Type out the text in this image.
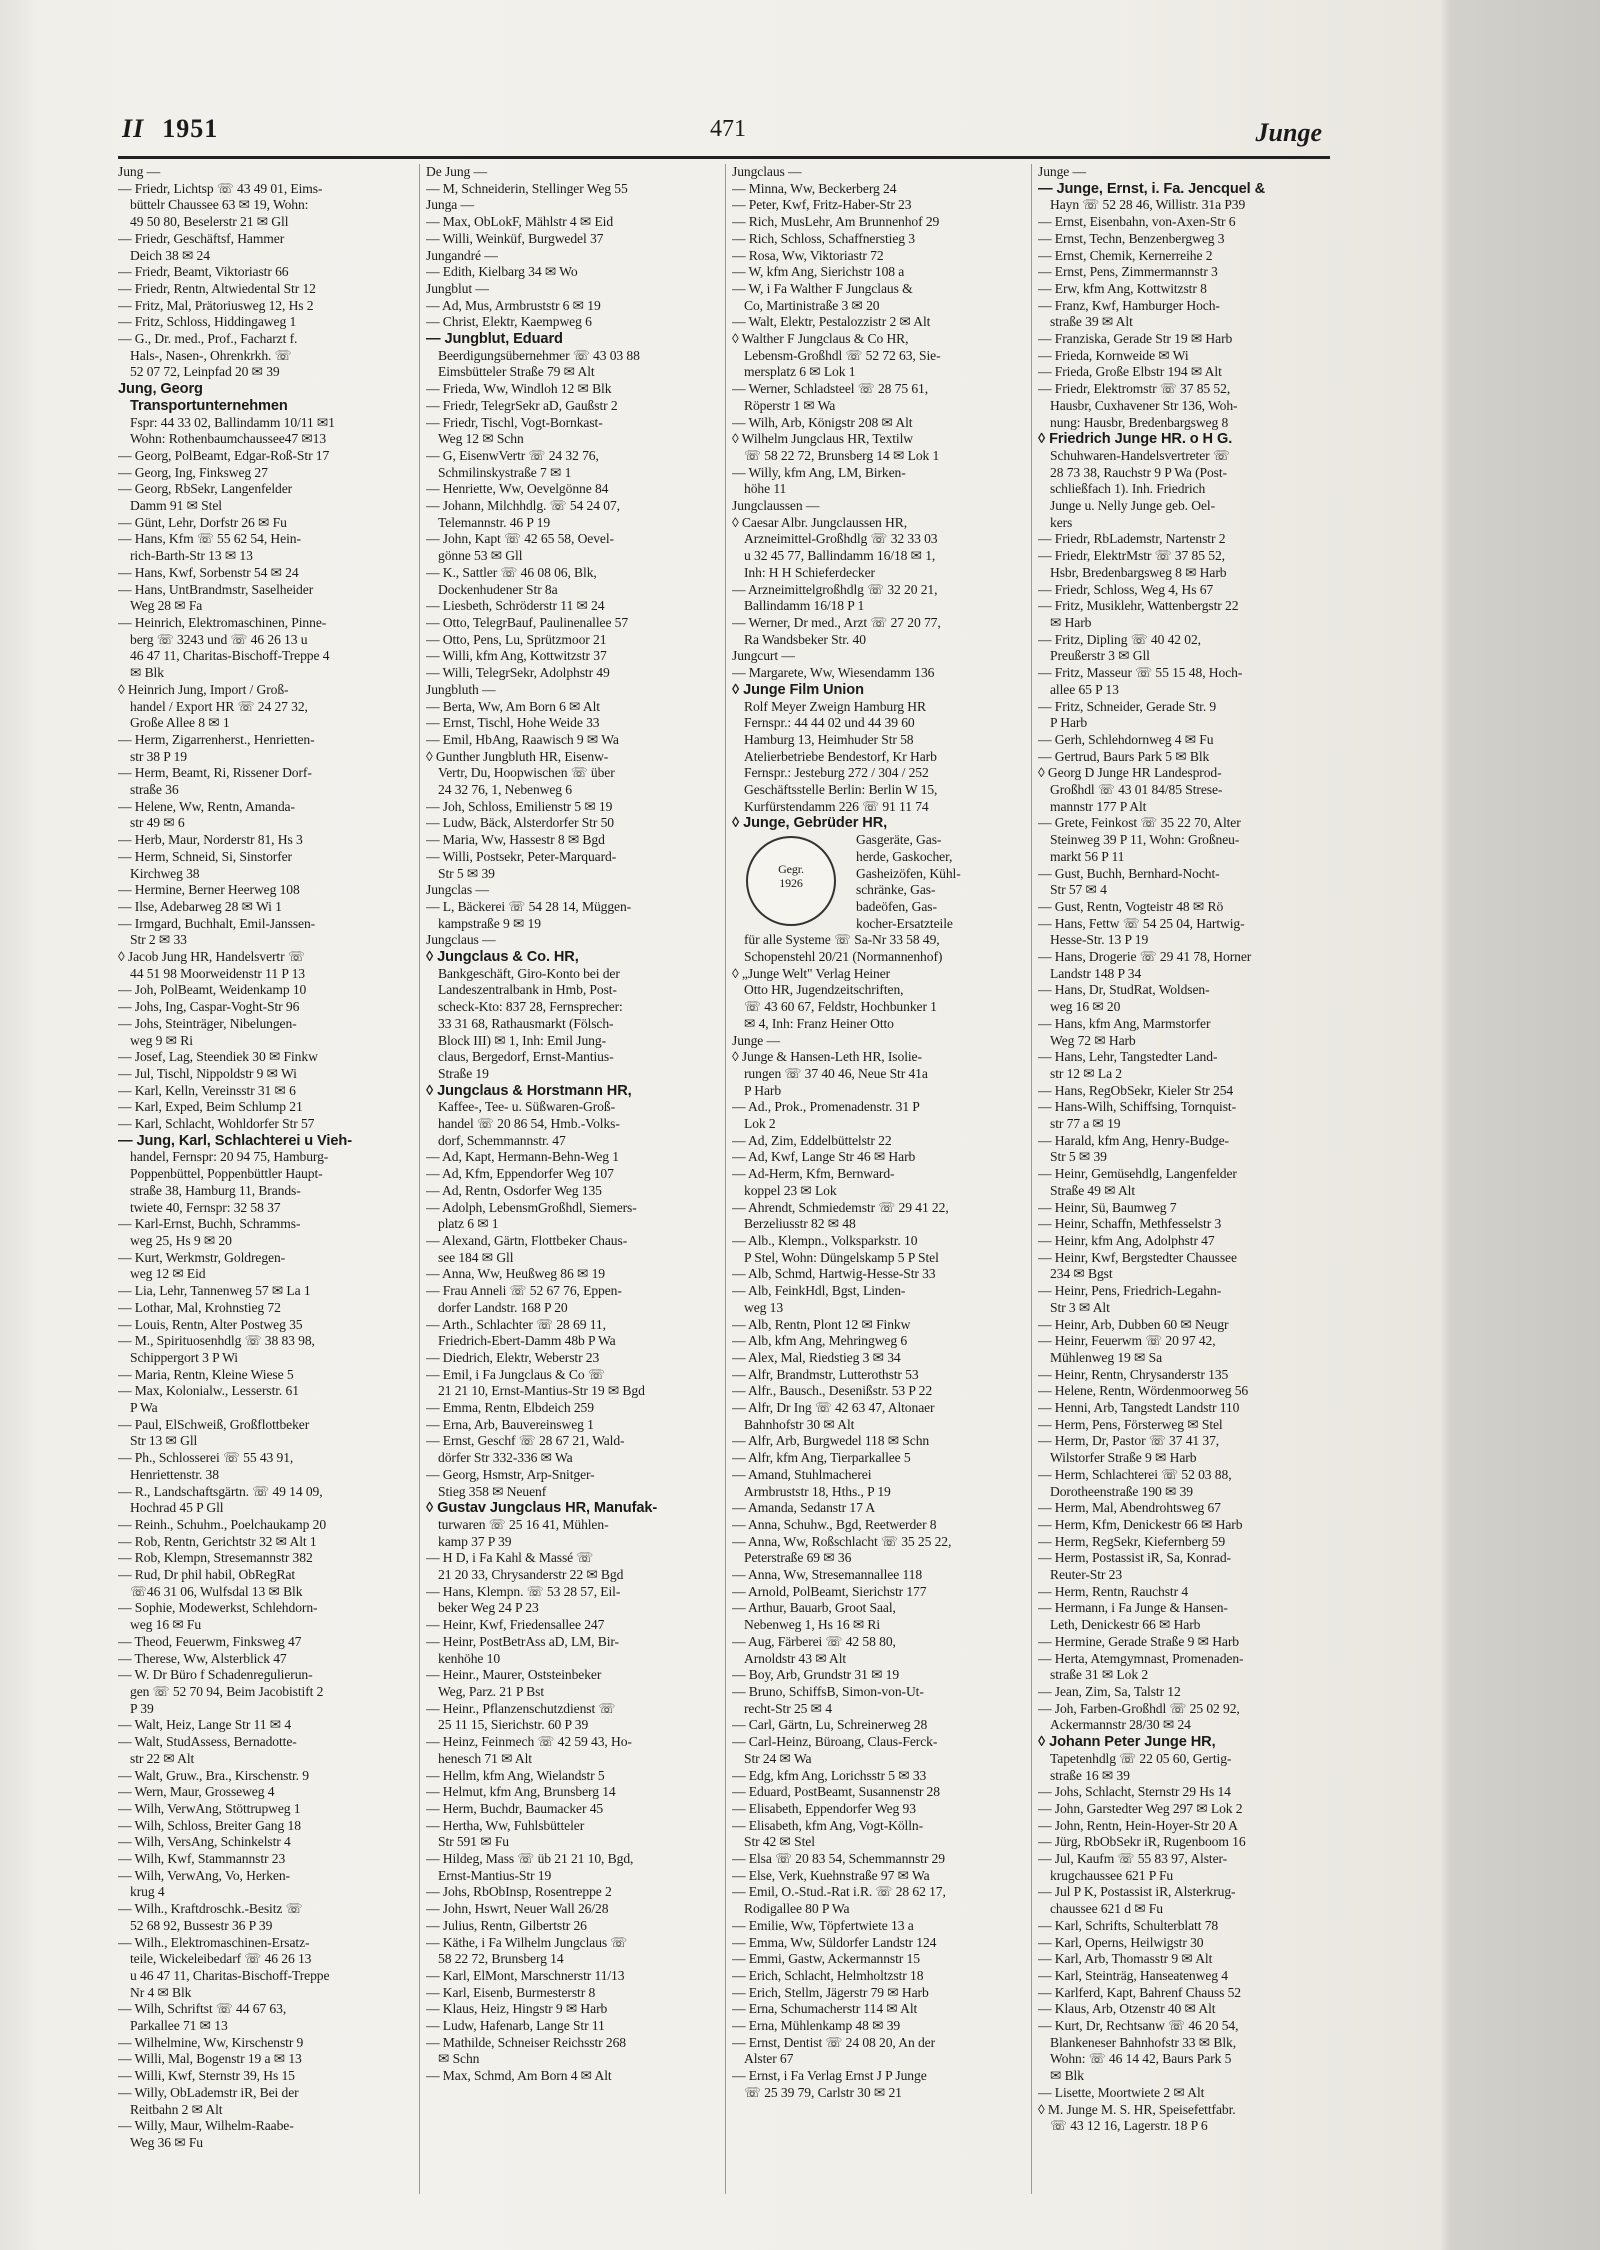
II 1951	471	Junge
Jung —
— Friedr, Lichtsp ☏ 43 49 01, Eims-
büttelr Chaussee 63 ✉ 19, Wohn:
49 50 80, Beselerstr 21 ✉ Gll
— Friedr, Geschäftsf, Hammer
Deich 38 ✉ 24
— Friedr, Beamt, Viktoriastr 66
— Friedr, Rentn, Altwiedental Str 12
— Fritz, Mal, Prätoriusweg 12, Hs 2
— Fritz, Schloss, Hiddingaweg 1
— G., Dr. med., Prof., Facharzt f.
Hals-, Nasen-, Ohrenkrkh. ☏
52 07 72, Leinpfad 20 ✉ 39
Jung, Georg
Transportunternehmen
Fspr: 44 33 02, Ballindamm 10/11 ✉1
Wohn: Rothenbaumchaussee47 ✉13
— Georg, PolBeamt, Edgar-Roß-Str 17
— Georg, Ing, Finksweg 27
— Georg, RbSekr, Langenfelder
Damm 91 ✉ Stel
— Günt, Lehr, Dorfstr 26 ✉ Fu
— Hans, Kfm ☏ 55 62 54, Hein-
rich-Barth-Str 13 ✉ 13
— Hans, Kwf, Sorbenstr 54 ✉ 24
— Hans, UntBrandmstr, Saselheider
Weg 28 ✉ Fa
— Heinrich, Elektromaschinen, Pinne-
berg ☏ 3243 und ☏ 46 26 13 u
46 47 11, Charitas-Bischoff-Treppe 4
✉ Blk
◊ Heinrich Jung, Import / Groß-
handel / Export HR ☏ 24 27 32,
Große Allee 8 ✉ 1
— Herm, Zigarrenherst., Henrietten-
str 38 P 19
— Herm, Beamt, Ri, Rissener Dorf-
straße 36
— Helene, Ww, Rentn, Amanda-
str 49 ✉ 6
— Herb, Maur, Norderstr 81, Hs 3
— Herm, Schneid, Si, Sinstorfer
Kirchweg 38
— Hermine, Berner Heerweg 108
— Ilse, Adebarweg 28 ✉ Wi 1
— Irmgard, Buchhalt, Emil-Janssen-
Str 2 ✉ 33
◊ Jacob Jung HR, Handelsvertr ☏
44 51 98 Moorweidenstr 11 P 13
— Joh, PolBeamt, Weidenkamp 10
— Johs, Ing, Caspar-Voght-Str 96
— Johs, Steinträger, Nibelungen-
weg 9 ✉ Ri
— Josef, Lag, Steendiek 30 ✉ Finkw
— Jul, Tischl, Nippoldstr 9 ✉ Wi
— Karl, Kelln, Vereinsstr 31 ✉ 6
— Karl, Exped, Beim Schlump 21
— Karl, Schlacht, Wohldorfer Str 57
— Jung, Karl, Schlachterei u Vieh-
handel, Fernspr: 20 94 75, Hamburg-
Poppenbüttel, Poppenbüttler Haupt-
straße 38, Hamburg 11, Brands-
twiete 40, Fernspr: 32 58 37
— Karl-Ernst, Buchh, Schramms-
weg 25, Hs 9 ✉ 20
— Kurt, Werkmstr, Goldregen-
weg 12 ✉ Eid
— Lia, Lehr, Tannenweg 57 ✉ La 1
— Lothar, Mal, Krohnstieg 72
— Louis, Rentn, Alter Postweg 35
— M., Spirituosenhdlg ☏ 38 83 98,
Schippergort 3 P Wi
— Maria, Rentn, Kleine Wiese 5
— Max, Kolonialw., Lesserstr. 61
P Wa
— Paul, ElSchweiß, Großflottbeker
Str 13 ✉ Gll
— Ph., Schlosserei ☏ 55 43 91,
Henriettenstr. 38
— R., Landschaftsgärtn. ☏ 49 14 09,
Hochrad 45 P Gll
— Reinh., Schuhm., Poelchaukamp 20
— Rob, Rentn, Gerichtstr 32 ✉ Alt 1
— Rob, Klempn, Stresemannstr 382
— Rud, Dr phil habil, ObRegRat
☏46 31 06, Wulfsdal 13 ✉ Blk
— Sophie, Modewerkst, Schlehdorn-
weg 16 ✉ Fu
— Theod, Feuerwm, Finksweg 47
— Therese, Ww, Alsterblick 47
— W. Dr Büro f Schadenregulierun-
gen ☏ 52 70 94, Beim Jacobistift 2
P 39
— Walt, Heiz, Lange Str 11 ✉ 4
— Walt, StudAssess, Bernadotte-
str 22 ✉ Alt
— Walt, Gruw., Bra., Kirschenstr. 9
— Wern, Maur, Grosseweg 4
— Wilh, VerwAng, Stöttrupweg 1
— Wilh, Schloss, Breiter Gang 18
— Wilh, VersAng, Schinkelstr 4
— Wilh, Kwf, Stammannstr 23
— Wilh, VerwAng, Vo, Herken-
krug 4
— Wilh., Kraftdroschk.-Besitz ☏
52 68 92, Bussestr 36 P 39
— Wilh., Elektromaschinen-Ersatz-
teile, Wickeleibedarf ☏ 46 26 13
u 46 47 11, Charitas-Bischoff-Treppe
Nr 4 ✉ Blk
— Wilh, Schriftst ☏ 44 67 63,
Parkallee 71 ✉ 13
— Wilhelmine, Ww, Kirschenstr 9
— Willi, Mal, Bogenstr 19 a ✉ 13
— Willi, Kwf, Sternstr 39, Hs 15
— Willy, ObLademstr iR, Bei der
Reitbahn 2 ✉ Alt
— Willy, Maur, Wilhelm-Raabe-
Weg 36 ✉ Fu
De Jung —
— M, Schneiderin, Stellinger Weg 55
Junga —
— Max, ObLokF, Mählstr 4 ✉ Eid
— Willi, Weinküf, Burgwedel 37
Jungandré —
— Edith, Kielbarg 34 ✉ Wo
Jungblut —
— Ad, Mus, Armbruststr 6 ✉ 19
— Christ, Elektr, Kaempweg 6
— Jungblut, Eduard
Beerdigungsübernehmer ☏ 43 03 88
Eimsbütteler Straße 79 ✉ Alt
— Frieda, Ww, Windloh 12 ✉ Blk
— Friedr, TelegrSekr aD, Gaußstr 2
— Friedr, Tischl, Vogt-Bornkast-
Weg 12 ✉ Schn
— G, EisenwVertr ☏ 24 32 76,
Schmilinskystraße 7 ✉ 1
— Henriette, Ww, Oevelgönne 84
— Johann, Milchhdlg. ☏ 54 24 07,
Telemannstr. 46 P 19
— John, Kapt ☏ 42 65 58, Oevel-
gönne 53 ✉ Gll
— K., Sattler ☏ 46 08 06, Blk,
Dockenhudener Str 8a
— Liesbeth, Schröderstr 11 ✉ 24
— Otto, TelegrBauf, Paulinenallee 57
— Otto, Pens, Lu, Sprützmoor 21
— Willi, kfm Ang, Kottwitzstr 37
— Willi, TelegrSekr, Adolphstr 49
Jungbluth —
— Berta, Ww, Am Born 6 ✉ Alt
— Ernst, Tischl, Hohe Weide 33
— Emil, HbAng, Raawisch 9 ✉ Wa
◊ Gunther Jungbluth HR, Eisenw-
Vertr, Du, Hoopwischen ☏ über
24 32 76, 1, Nebenweg 6
— Joh, Schloss, Emilienstr 5 ✉ 19
— Ludw, Bäck, Alsterdorfer Str 50
— Maria, Ww, Hassestr 8 ✉ Bgd
— Willi, Postsekr, Peter-Marquard-
Str 5 ✉ 39
Jungclas —
— L, Bäckerei ☏ 54 28 14, Müggen-
kampstraße 9 ✉ 19
Jungclaus —
◊ Jungclaus & Co. HR,
Bankgeschäft, Giro-Konto bei der
Landeszentralbank in Hmb, Post-
scheck-Kto: 837 28, Fernsprecher:
33 31 68, Rathausmarkt (Fölsch-
Block III) ✉ 1, Inh: Emil Jung-
claus, Bergedorf, Ernst-Mantius-
Straße 19
◊ Jungclaus & Horstmann HR,
Kaffee-, Tee- u. Süßwaren-Groß-
handel ☏ 20 86 54, Hmb.-Volks-
dorf, Schemmannstr. 47
— Ad, Kapt, Hermann-Behn-Weg 1
— Ad, Kfm, Eppendorfer Weg 107
— Ad, Rentn, Osdorfer Weg 135
— Adolph, LebensmGroßhdl, Siemers-
platz 6 ✉ 1
— Alexand, Gärtn, Flottbeker Chaus-
see 184 ✉ Gll
— Anna, Ww, Heußweg 86 ✉ 19
— Frau Anneli ☏ 52 67 76, Eppen-
dorfer Landstr. 168 P 20
— Arth., Schlachter ☏ 28 69 11,
Friedrich-Ebert-Damm 48b P Wa
— Diedrich, Elektr, Weberstr 23
— Emil, i Fa Jungclaus & Co ☏
21 21 10, Ernst-Mantius-Str 19 ✉ Bgd
— Emma, Rentn, Elbdeich 259
— Erna, Arb, Bauvereinsweg 1
— Ernst, Geschf ☏ 28 67 21, Wald-
dörfer Str 332-336 ✉ Wa
— Georg, Hsmstr, Arp-Snitger-
Stieg 358 ✉ Neuenf
◊ Gustav Jungclaus HR, Manufak-
turwaren ☏ 25 16 41, Mühlen-
kamp 37 P 39
— H D, i Fa Kahl & Massé ☏
21 20 33, Chrysanderstr 22 ✉ Bgd
— Hans, Klempn. ☏ 53 28 57, Eil-
beker Weg 24 P 23
— Heinr, Kwf, Friedensallee 247
— Heinr, PostBetrAss aD, LM, Bir-
kenhöhe 10
— Heinr., Maurer, Oststeinbeker
Weg, Parz. 21 P Bst
— Heinr., Pflanzenschutzdienst ☏
25 11 15, Sierichstr. 60 P 39
— Heinz, Feinmech ☏ 42 59 43, Ho-
henesch 71 ✉ Alt
— Hellm, kfm Ang, Wielandstr 5
— Helmut, kfm Ang, Brunsberg 14
— Herm, Buchdr, Baumacker 45
— Hertha, Ww, Fuhlsbütteler
Str 591 ✉ Fu
— Hildeg, Mass ☏ üb 21 21 10, Bgd,
Ernst-Mantius-Str 19
— Johs, RbObInsp, Rosentreppe 2
— John, Hswrt, Neuer Wall 26/28
— Julius, Rentn, Gilbertstr 26
— Käthe, i Fa Wilhelm Jungclaus ☏
58 22 72, Brunsberg 14
— Karl, ElMont, Marschnerstr 11/13
— Karl, Eisenb, Burmesterstr 8
— Klaus, Heiz, Hingstr 9 ✉ Harb
— Ludw, Hafenarb, Lange Str 11
— Mathilde, Schneiser Reichsstr 268
✉ Schn
— Max, Schmd, Am Born 4 ✉ Alt
Jungclaus —
— Minna, Ww, Beckerberg 24
— Peter, Kwf, Fritz-Haber-Str 23
— Rich, MusLehr, Am Brunnenhof 29
— Rich, Schloss, Schaffnerstieg 3
— Rosa, Ww, Viktoriastr 72
— W, kfm Ang, Sierichstr 108 a
— W, i Fa Walther F Jungclaus &
Co, Martinistraße 3 ✉ 20
— Walt, Elektr, Pestalozzistr 2 ✉ Alt
◊ Walther F Jungclaus & Co HR,
Lebensm-Großhdl ☏ 52 72 63, Sie-
mersplatz 6 ✉ Lok 1
— Werner, Schladsteel ☏ 28 75 61,
Röperstr 1 ✉ Wa
— Wilh, Arb, Königstr 208 ✉ Alt
◊ Wilhelm Jungclaus HR, Textilw
☏ 58 22 72, Brunsberg 14 ✉ Lok 1
— Willy, kfm Ang, LM, Birken-
höhe 11
Jungclaussen —
◊ Caesar Albr. Jungclaussen HR,
Arzneimittel-Großhdlg ☏ 32 33 03
u 32 45 77, Ballindamm 16/18 ✉ 1,
Inh: H H Schieferdecker
— Arzneimittelgroßhdlg ☏ 32 20 21,
Ballindamm 16/18 P 1
— Werner, Dr med., Arzt ☏ 27 20 77,
Ra Wandsbeker Str. 40
Jungcurt —
— Margarete, Ww, Wiesendamm 136
◊ Junge Film Union
Rolf Meyer Zweign Hamburg HR
Fernspr.: 44 44 02 und 44 39 60
Hamburg 13, Heimhuder Str 58
Atelierbetriebe Bendestorf, Kr Harb
Fernspr.: Jesteburg 272 / 304 / 252
Geschäftsstelle Berlin: Berlin W 15,
Kurfürstendamm 226 ☏ 91 11 74
◊ Junge, Gebrüder HR,
Gegr.
1926
Gasgeräte, Gas-
herde, Gaskocher,
Gasheizöfen, Kühl-
schränke, Gas-
badeöfen, Gas-
kocher-Ersatzteile
für alle Systeme ☏ Sa-Nr 33 58 49,
Schopenstehl 20/21 (Normannenhof)
◊ „Junge Welt" Verlag Heiner
Otto HR, Jugendzeitschriften,
☏ 43 60 67, Feldstr, Hochbunker 1
✉ 4, Inh: Franz Heiner Otto
Junge —
◊ Junge & Hansen-Leth HR, Isolie-
rungen ☏ 37 40 46, Neue Str 41a
P Harb
— Ad., Prok., Promenadenstr. 31 P
Lok 2
— Ad, Zim, Eddelbüttelstr 22
— Ad, Kwf, Lange Str 46 ✉ Harb
— Ad-Herm, Kfm, Bernward-
koppel 23 ✉ Lok
— Ahrendt, Schmiedemstr ☏ 29 41 22,
Berzeliusstr 82 ✉ 48
— Alb., Klempn., Volksparkstr. 10
P Stel, Wohn: Düngelskamp 5 P Stel
— Alb, Schmd, Hartwig-Hesse-Str 33
— Alb, FeinkHdl, Bgst, Linden-
weg 13
— Alb, Rentn, Plont 12 ✉ Finkw
— Alb, kfm Ang, Mehringweg 6
— Alex, Mal, Riedstieg 3 ✉ 34
— Alfr, Brandmstr, Lutterothstr 53
— Alfr., Bausch., Desenißstr. 53 P 22
— Alfr, Dr Ing ☏ 42 63 47, Altonaer
Bahnhofstr 30 ✉ Alt
— Alfr, Arb, Burgwedel 118 ✉ Schn
— Alfr, kfm Ang, Tierparkallee 5
— Amand, Stuhlmacherei
Armbruststr 18, Hths., P 19
— Amanda, Sedanstr 17 A
— Anna, Schuhw., Bgd, Reetwerder 8
— Anna, Ww, Roßschlacht ☏ 35 25 22,
Peterstraße 69 ✉ 36
— Anna, Ww, Stresemannallee 118
— Arnold, PolBeamt, Sierichstr 177
— Arthur, Bauarb, Groot Saal,
Nebenweg 1, Hs 16 ✉ Ri
— Aug, Färberei ☏ 42 58 80,
Arnoldstr 43 ✉ Alt
— Boy, Arb, Grundstr 31 ✉ 19
— Bruno, SchiffsB, Simon-von-Ut-
recht-Str 25 ✉ 4
— Carl, Gärtn, Lu, Schreinerweg 28
— Carl-Heinz, Büroang, Claus-Ferck-
Str 24 ✉ Wa
— Edg, kfm Ang, Lorichsstr 5 ✉ 33
— Eduard, PostBeamt, Susannenstr 28
— Elisabeth, Eppendorfer Weg 93
— Elisabeth, kfm Ang, Vogt-Kölln-
Str 42 ✉ Stel
— Elsa ☏ 20 83 54, Schemmannstr 29
— Else, Verk, Kuehnstraße 97 ✉ Wa
— Emil, O.-Stud.-Rat i.R. ☏ 28 62 17,
Rodigallee 80 P Wa
— Emilie, Ww, Töpfertwiete 13 a
— Emma, Ww, Süldorfer Landstr 124
— Emmi, Gastw, Ackermannstr 15
— Erich, Schlacht, Helmholtzstr 18
— Erich, Stellm, Jägerstr 79 ✉ Harb
— Erna, Schumacherstr 114 ✉ Alt
— Erna, Mühlenkamp 48 ✉ 39
— Ernst, Dentist ☏ 24 08 20, An der
Alster 67
— Ernst, i Fa Verlag Ernst J P Junge
☏ 25 39 79, Carlstr 30 ✉ 21
Junge —
— Junge, Ernst, i. Fa. Jencquel &
Hayn ☏ 52 28 46, Willistr. 31a P39
— Ernst, Eisenbahn, von-Axen-Str 6
— Ernst, Techn, Benzenbergweg 3
— Ernst, Chemik, Kernerreihe 2
— Ernst, Pens, Zimmermannstr 3
— Erw, kfm Ang, Kottwitzstr 8
— Franz, Kwf, Hamburger Hoch-
straße 39 ✉ Alt
— Franziska, Gerade Str 19 ✉ Harb
— Frieda, Kornweide ✉ Wi
— Frieda, Große Elbstr 194 ✉ Alt
— Friedr, Elektromstr ☏ 37 85 52,
Hausbr, Cuxhavener Str 136, Woh-
nung: Hausbr, Bredenbargsweg 8
◊ Friedrich Junge HR. o H G.
Schuhwaren-Handelsvertreter ☏
28 73 38, Rauchstr 9 P Wa (Post-
schließfach 1). Inh. Friedrich
Junge u. Nelly Junge geb. Oel-
kers
— Friedr, RbLademstr, Nartenstr 2
— Friedr, ElektrMstr ☏ 37 85 52,
Hsbr, Bredenbargsweg 8 ✉ Harb
— Friedr, Schloss, Weg 4, Hs 67
— Fritz, Musiklehr, Wattenbergstr 22
✉ Harb
— Fritz, Dipling ☏ 40 42 02,
Preußerstr 3 ✉ Gll
— Fritz, Masseur ☏ 55 15 48, Hoch-
allee 65 P 13
— Fritz, Schneider, Gerade Str. 9
P Harb
— Gerh, Schlehdornweg 4 ✉ Fu
— Gertrud, Baurs Park 5 ✉ Blk
◊ Georg D Junge HR Landesprod-
Großhdl ☏ 43 01 84/85 Strese-
mannstr 177 P Alt
— Grete, Feinkost ☏ 35 22 70, Alter
Steinweg 39 P 11, Wohn: Großneu-
markt 56 P 11
— Gust, Buchh, Bernhard-Nocht-
Str 57 ✉ 4
— Gust, Rentn, Vogteistr 48 ✉ Rö
— Hans, Fettw ☏ 54 25 04, Hartwig-
Hesse-Str. 13 P 19
— Hans, Drogerie ☏ 29 41 78, Horner
Landstr 148 P 34
— Hans, Dr, StudRat, Woldsen-
weg 16 ✉ 20
— Hans, kfm Ang, Marmstorfer
Weg 72 ✉ Harb
— Hans, Lehr, Tangstedter Land-
str 12 ✉ La 2
— Hans, RegObSekr, Kieler Str 254
— Hans-Wilh, Schiffsing, Tornquist-
str 77 a ✉ 19
— Harald, kfm Ang, Henry-Budge-
Str 5 ✉ 39
— Heinr, Gemüsehdlg, Langenfelder
Straße 49 ✉ Alt
— Heinr, Sü, Baumweg 7
— Heinr, Schaffn, Methfesselstr 3
— Heinr, kfm Ang, Adolphstr 47
— Heinr, Kwf, Bergstedter Chaussee
234 ✉ Bgst
— Heinr, Pens, Friedrich-Legahn-
Str 3 ✉ Alt
— Heinr, Arb, Dubben 60 ✉ Neugr
— Heinr, Feuerwm ☏ 20 97 42,
Mühlenweg 19 ✉ Sa
— Heinr, Rentn, Chrysanderstr 135
— Helene, Rentn, Wördenmoorweg 56
— Henni, Arb, Tangstedt Landstr 110
— Herm, Pens, Försterweg ✉ Stel
— Herm, Dr, Pastor ☏ 37 41 37,
Wilstorfer Straße 9 ✉ Harb
— Herm, Schlachterei ☏ 52 03 88,
Dorotheenstraße 190 ✉ 39
— Herm, Mal, Abendrohtsweg 67
— Herm, Kfm, Denickestr 66 ✉ Harb
— Herm, RegSekr, Kiefernberg 59
— Herm, Postassist iR, Sa, Konrad-
Reuter-Str 23
— Herm, Rentn, Rauchstr 4
— Hermann, i Fa Junge & Hansen-
Leth, Denickestr 66 ✉ Harb
— Hermine, Gerade Straße 9 ✉ Harb
— Herta, Atemgymnast, Promenaden-
straße 31 ✉ Lok 2
— Jean, Zim, Sa, Talstr 12
— Joh, Farben-Großhdl ☏ 25 02 92,
Ackermannstr 28/30 ✉ 24
◊ Johann Peter Junge HR,
Tapetenhdlg ☏ 22 05 60, Gertig-
straße 16 ✉ 39
— Johs, Schlacht, Sternstr 29 Hs 14
— John, Garstedter Weg 297 ✉ Lok 2
— John, Rentn, Hein-Hoyer-Str 20 A
— Jürg, RbObSekr iR, Rugenboom 16
— Jul, Kaufm ☏ 55 83 97, Alster-
krugchaussee 621 P Fu
— Jul P K, Postassist iR, Alsterkrug-
chaussee 621 d ✉ Fu
— Karl, Schrifts, Schulterblatt 78
— Karl, Operns, Heilwigstr 30
— Karl, Arb, Thomasstr 9 ✉ Alt
— Karl, Steinträg, Hanseatenweg 4
— Karlferd, Kapt, Bahrenf Chauss 52
— Klaus, Arb, Otzenstr 40 ✉ Alt
— Kurt, Dr, Rechtsanw ☏ 46 20 54,
Blankeneser Bahnhofstr 33 ✉ Blk,
Wohn: ☏ 46 14 42, Baurs Park 5
✉ Blk
— Lisette, Moortwiete 2 ✉ Alt
◊ M. Junge M. S. HR, Speisefettfabr.
☏ 43 12 16, Lagerstr. 18 P 6
